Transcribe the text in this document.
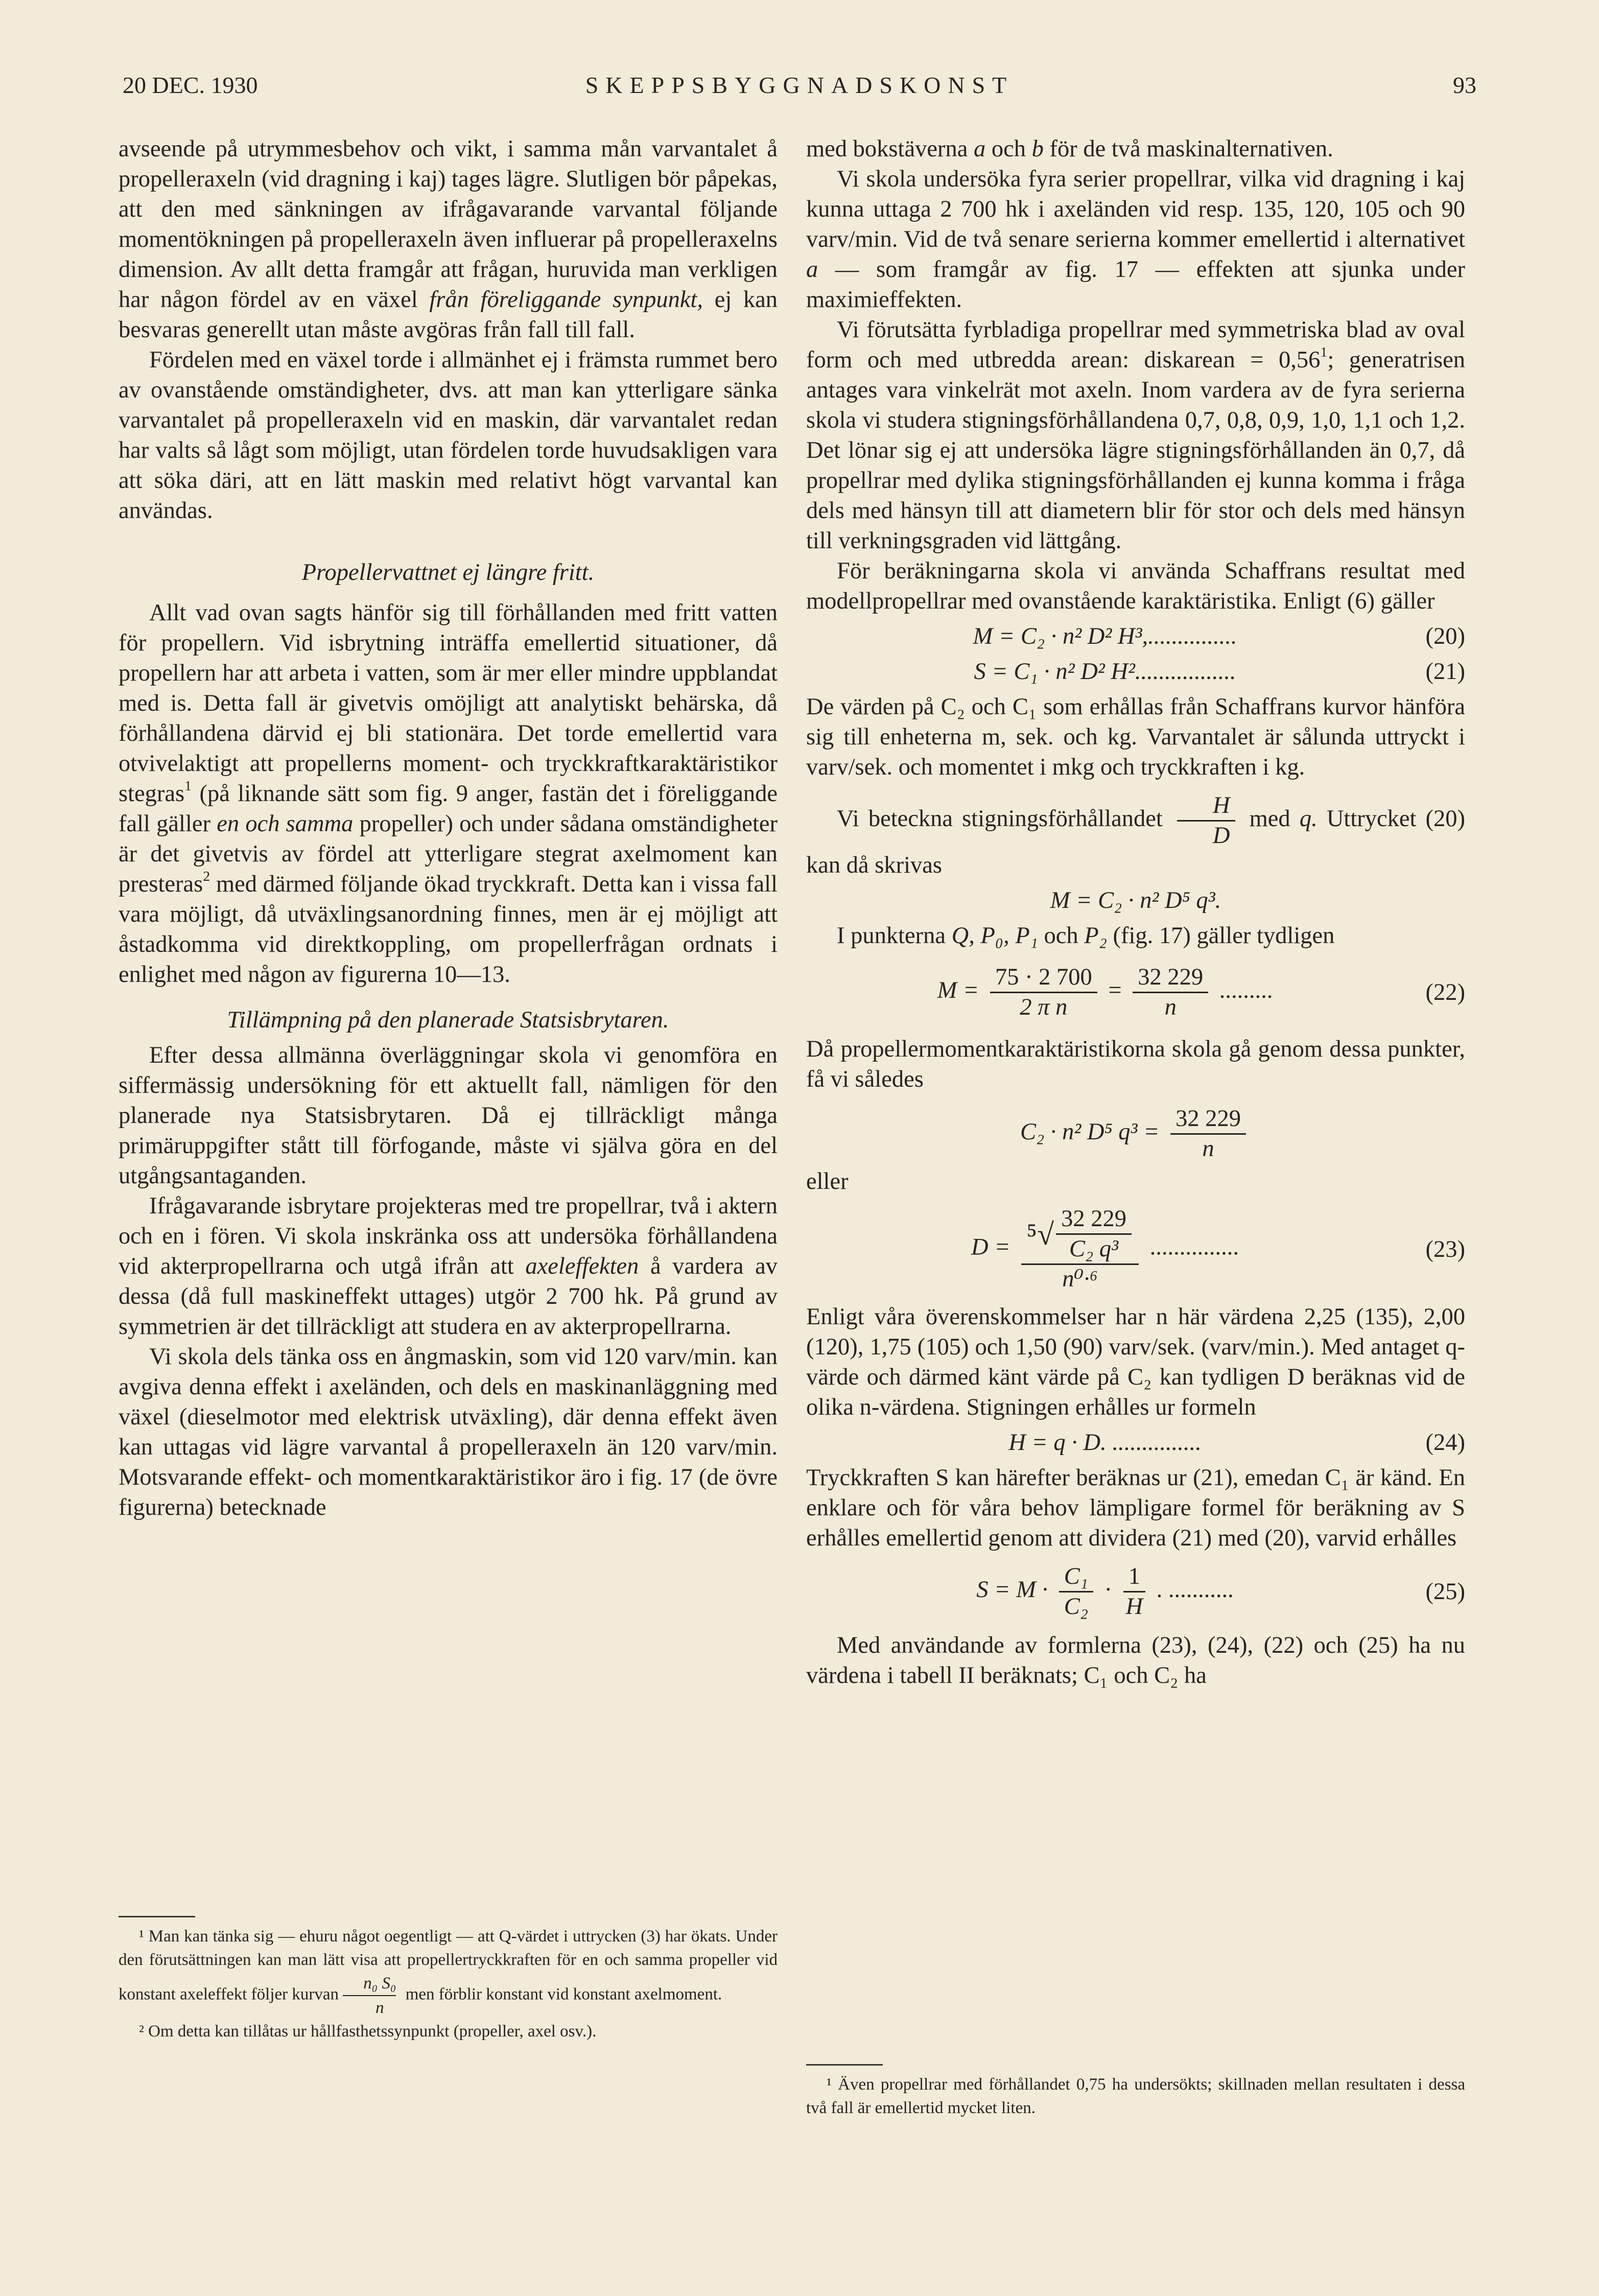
20 DEC. 1930	SKEPPSBYGGNADSKONST	93

avseende på utrymmesbehov och vikt, i samma mån varvantalet å propelleraxeln (vid dragning i kaj) tages lägre. Slutligen bör påpekas, att den med sänkningen av ifrågavarande varvantal följande momentökningen på propelleraxeln även influerar på propelleraxelns dimension. Av allt detta framgår att frågan, huruvida man verkligen har någon fördel av en växel från föreliggande synpunkt, ej kan besvaras generellt utan måste avgöras från fall till fall.

Fördelen med en växel torde i allmänhet ej i främsta rummet bero av ovanstående omständigheter, dvs. att man kan ytterligare sänka varvantalet på propelleraxeln vid en maskin, där varvantalet redan har valts så lågt som möjligt, utan fördelen torde huvudsakligen vara att söka däri, att en lätt maskin med relativt högt varvantal kan användas.

Propellervattnet ej längre fritt.

Allt vad ovan sagts hänför sig till förhållanden med fritt vatten för propellern. Vid isbrytning inträffa emellertid situationer, då propellern har att arbeta i vatten, som är mer eller mindre uppblandat med is. Detta fall är givetvis omöjligt att analytiskt behärska, då förhållandena därvid ej bli stationära. Det torde emellertid vara otvivelaktigt att propellerns moment- och tryckkraftkaraktäristikor stegras$^1$ (på liknande sätt som fig. 9 anger, fastän det i föreliggande fall gäller en och samma propeller) och under sådana omständigheter är det givetvis av fördel att ytterligare stegrat axelmoment kan presteras$^2$ med därmed följande ökad tryckkraft. Detta kan i vissa fall vara möjligt, då utväxlingsanordning finnes, men är ej möjligt att åstadkomma vid direktkoppling, om propellerfrågan ordnats i enlighet med någon av figurerna 10—13.

Tillämpning på den planerade Statsisbrytaren.

Efter dessa allmänna överläggningar skola vi genomföra en siffermässig undersökning för ett aktuellt fall, nämligen för den planerade nya Statsisbrytaren. Då ej tillräckligt många primäruppgifter stått till förfogande, måste vi själva göra en del utgångsantaganden.

Ifrågavarande isbrytare projekteras med tre propellrar, två i aktern och en i fören. Vi skola inskränka oss att undersöka förhållandena vid akterpropellrarna och utgå ifrån att axeleffekten å vardera av dessa (då full maskineffekt uttages) utgör 2 700 hk. På grund av symmetrien är det tillräckligt att studera en av akterpropellrarna.

Vi skola dels tänka oss en ångmaskin, som vid 120 varv/min. kan avgiva denna effekt i axeländen, och dels en maskinanläggning med växel (dieselmotor med elektrisk utväxling), där denna effekt även kan uttagas vid lägre varvantal å propelleraxeln än 120 varv/min. Motsvarande effekt- och momentkaraktäristikor äro i fig. 17 (de övre figurerna) betecknade

med bokstäverna a och b för de två maskinalternativen.

Vi skola undersöka fyra serier propellrar, vilka vid dragning i kaj kunna uttaga 2 700 hk i axeländen vid resp. 135, 120, 105 och 90 varv/min. Vid de två senare serierna kommer emellertid i alternativet a — som framgår av fig. 17 — effekten att sjunka under maximieffekten.

Vi förutsätta fyrbladiga propellrar med symmetriska blad av oval form och med utbredda arean: diskarean = $0,56^1$; generatrisen antages vara vinkelrät mot axeln. Inom vardera av de fyra serierna skola vi studera stigningsförhållandena 0,7, 0,8, 0,9, 1,0, 1,1 och 1,2. Det lönar sig ej att undersöka lägre stigningsförhållanden än 0,7, då propellrar med dylika stigningsförhållanden ej kunna komma i fråga dels med hänsyn till att diametern blir för stor och dels med hänsyn till verkningsgraden vid lättgång.

För beräkningarna skola vi använda Schaffrans resultat med modellpropellrar med ovanstående karaktäristika. Enligt (6) gäller

M = C₂ · n² D² H³,...............	(20)
S = C₁ · n² D² H².................	(21)

De värden på C₂ och C₁ som erhållas från Schaffrans kurvor hänföra sig till enheterna m, sek. och kg. Varvantalet är sålunda uttryckt i varv/sek. och momentet i mkg och tryckkraften i kg.

Vi beteckna stigningsförhållandet $\frac{H}{D}$ med q. Uttrycket (20) kan då skrivas

M = C₂ · n² D⁵ q³.

I punkterna Q, P₀, P₁ och P₂ (fig. 17) gäller tydligen

$M = \frac{75 \cdot 2 700}{\text{2 π n}} = \frac{32 229}{n}$ .........	(22)

Då propellermomentkaraktäristikorna skola gå genom dessa punkter, få vi således

C₂ · n² D⁵ $q^3 = \frac{32 229}{n}$

eller

$D = \frac{^5√ \frac{32 229}{\text{C₂ q³}}}{\text{n⁰·⁶}}$ ...............	(23)

Enligt våra överenskommelser har n här värdena 2,25 (135), 2,00 (120), 1,75 (105) och 1,50 (90) varv/sek. (varv/min.). Med antaget q-värde och därmed känt värde på C₂ kan tydligen D beräknas vid de olika n-värdena. Stigningen erhålles ur formeln

H = q · D. ...............	(24)

Tryckkraften S kan härefter beräknas ur (21), emedan C₁ är känd. En enklare och för våra behov lämpligare formel för beräkning av S erhålles emellertid genom att dividera (21) med (20), varvid erhålles

$S = M \cdot \frac{\text{C₁}}{\text{C₂}} \cdot \frac{1}{H}$ . ...........	(25)

Med användande av formlerna (23), (24), (22) och (25) ha nu värdena i tabell II beräknats; C₁ och C₂ ha

¹ Man kan tänka sig — ehuru något oegentligt — att Q-värdet i uttrycken (3) har ökats. Under den förutsättningen kan man lätt visa att propellertryckkraften för en och samma propeller vid konstant axeleffekt följer kurvan $\frac{\text{n₀ S₀}}{n}$ men förblir konstant vid konstant axelmoment.

² Om detta kan tillåtas ur hållfasthetssynpunkt (propeller, axel osv.).

¹ Även propellrar med förhållandet 0,75 ha undersökts; skillnaden mellan resultaten i dessa två fall är emellertid mycket liten.
